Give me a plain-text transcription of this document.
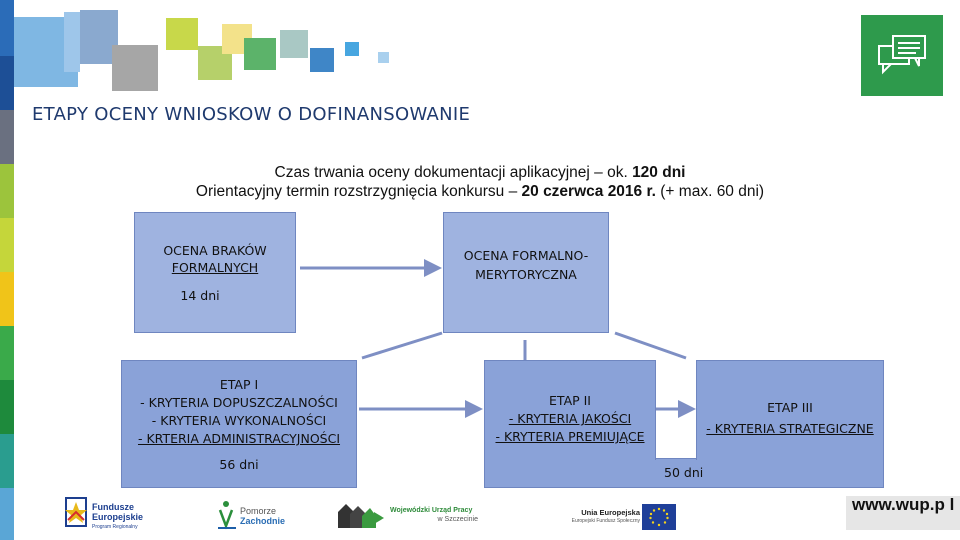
ETAPY OCENY WNIOSKOW O DOFINANSOWANIE
Czas trwania oceny dokumentacji aplikacyjnej – ok. 120 dni
Orientacyjny termin rozstrzygnięcia konkursu – 20 czerwca 2016 r. (+ max. 60 dni)
OCENA BRAKÓW
FORMALNYCH
14 dni
OCENA FORMALNO-
MERYTORYCZNA
ETAP I
- KRYTERIA DOPUSZCZALNOŚCI
- KRYTERIA WYKONALNOŚCI
- KRTERIA ADMINISTRACYJNOŚCI
56 dni
ETAP II
- KRYTERIA JAKOŚCI
- KRYTERIA PREMIUJĄCE
ETAP III
- KRYTERIA STRATEGICZNE
50 dni
Fundusze
Europejskie
Program Regionalny
Pomorze
Zachodnie
Wojewódzki Urząd Pracy
w Szczecinie
Unia Europejska
Europejski Fundusz Społeczny
www.wup.p l
